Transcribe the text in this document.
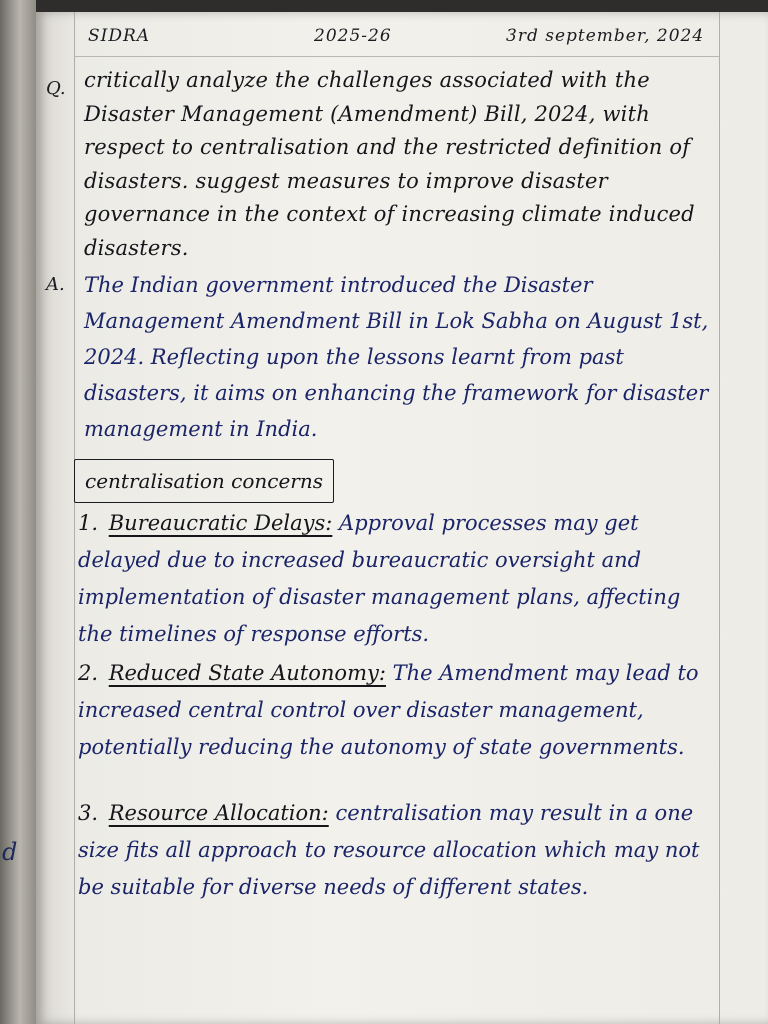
d
SIDRA	2025-26	3rd september, 2024
Q. critically analyze the challenges associated with the Disaster Management (Amendment) Bill, 2024, with respect to centralisation and the restricted definition of disasters. suggest measures to improve disaster governance in the context of increasing climate induced disasters.
A. The Indian government introduced the Disaster Management Amendment Bill in Lok Sabha on August 1st, 2024. Reflecting upon the lessons learnt from past disasters, it aims on enhancing the framework for disaster management in India.
centralisation concerns
1. Bureaucratic Delays: Approval processes may get delayed due to increased bureaucratic oversight and implementation of disaster management plans, affecting the timelines of response efforts.
2. Reduced State Autonomy: The Amendment may lead to increased central control over disaster management, potentially reducing the autonomy of state governments.
3. Resource Allocation: centralisation may result in a one size fits all approach to resource allocation which may not be suitable for diverse needs of different states.
